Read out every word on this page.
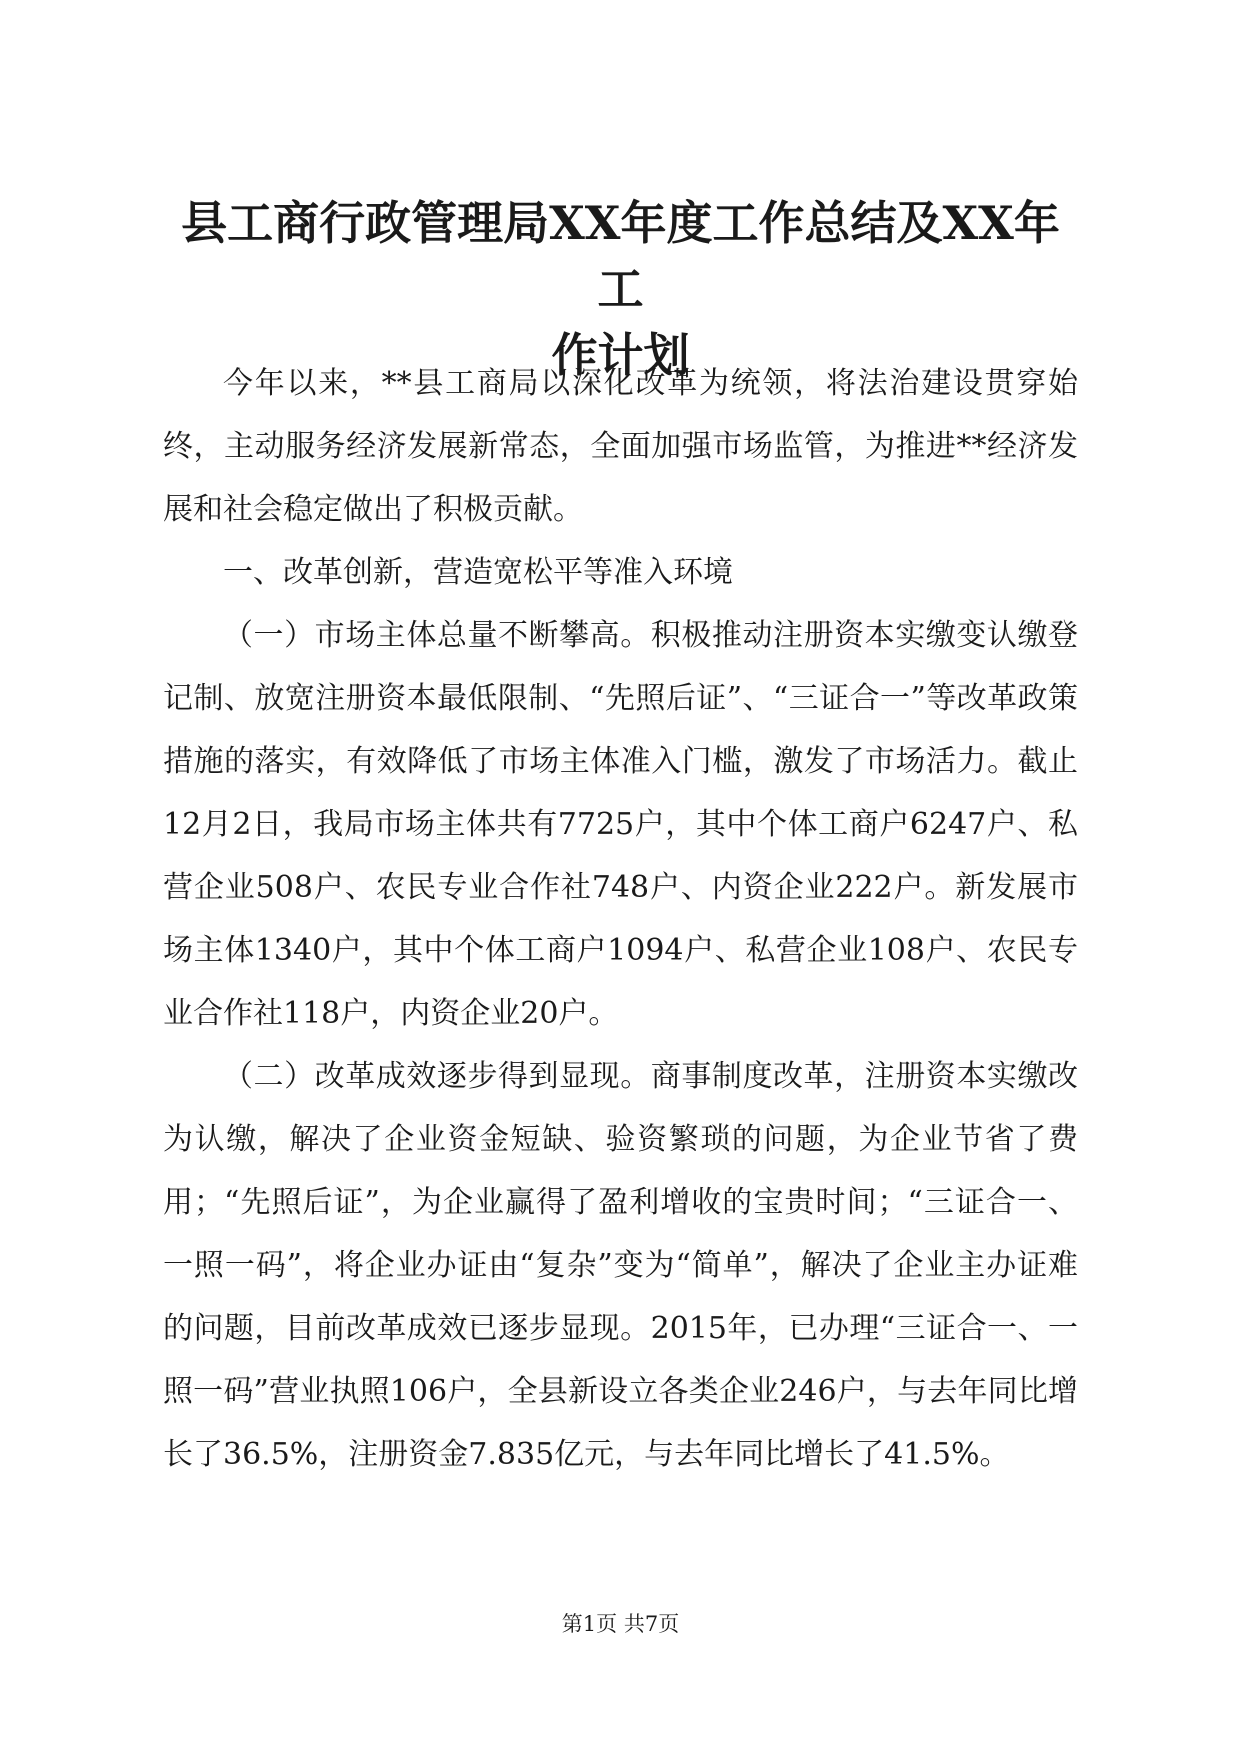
县工商行政管理局XX年度工作总结及XX年工
作计划

今年以来，**县工商局以深化改革为统领，将法治建设贯穿始终，主动服务经济发展新常态，全面加强市场监管，为推进**经济发展和社会稳定做出了积极贡献。

一、改革创新，营造宽松平等准入环境

（一）市场主体总量不断攀高。积极推动注册资本实缴变认缴登记制、放宽注册资本最低限制、“先照后证”、“三证合一”等改革政策措施的落实，有效降低了市场主体准入门槛，激发了市场活力。截止12月2日，我局市场主体共有7725户，其中个体工商户6247户、私营企业508户、农民专业合作社748户、内资企业222户。新发展市场主体1340户，其中个体工商户1094户、私营企业108户、农民专业合作社118户，内资企业20户。

（二）改革成效逐步得到显现。商事制度改革，注册资本实缴改为认缴，解决了企业资金短缺、验资繁琐的问题，为企业节省了费用；“先照后证”，为企业赢得了盈利增收的宝贵时间；“三证合一、一照一码”，将企业办证由“复杂”变为“简单”，解决了企业主办证难的问题，目前改革成效已逐步显现。2015年，已办理“三证合一、一照一码”营业执照106户，全县新设立各类企业246户，与去年同比增长了36.5%，注册资金7.835亿元，与去年同比增长了41.5%。

第1页 共7页
